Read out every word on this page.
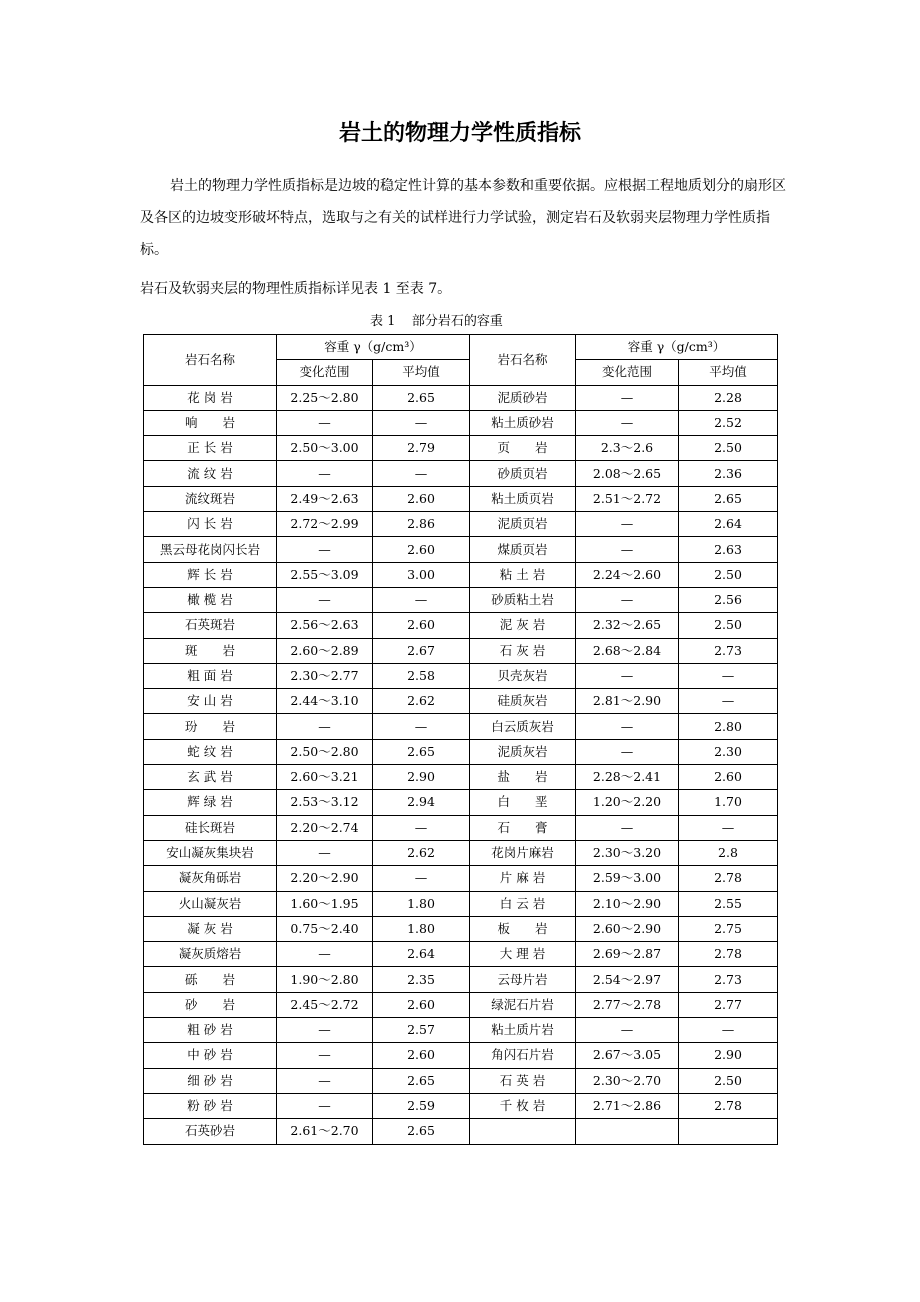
岩土的物理力学性质指标

岩土的物理力学性质指标是边坡的稳定性计算的基本参数和重要依据。应根据工程地质划分的扇形区及各区的边坡变形破坏特点，选取与之有关的试样进行力学试验，测定岩石及软弱夹层物理力学性质指标。

岩石及软弱夹层的物理性质指标详见表 1 至表 7。

表 1    部分岩石的容重
岩石名称	容重 γ（g/cm³）		岩石名称	容重 γ（g/cm³）	
	变化范围	平均值		变化范围	平均值
花 岗 岩	2.25～2.80	2.65	泥质砂岩	—	2.28
响　　岩	—	—	粘土质砂岩	—	2.52
正 长 岩	2.50～3.00	2.79	页　　岩	2.3～2.6	2.50
流 纹 岩	—	—	砂质页岩	2.08～2.65	2.36
流纹斑岩	2.49～2.63	2.60	粘土质页岩	2.51～2.72	2.65
闪 长 岩	2.72～2.99	2.86	泥质页岩	—	2.64
黑云母花岗闪长岩	—	2.60	煤质页岩	—	2.63
辉 长 岩	2.55～3.09	3.00	粘 土 岩	2.24～2.60	2.50
橄 榄 岩	—	—	砂质粘土岩	—	2.56
石英斑岩	2.56～2.63	2.60	泥 灰 岩	2.32～2.65	2.50
斑　　岩	2.60～2.89	2.67	石 灰 岩	2.68～2.84	2.73
粗 面 岩	2.30～2.77	2.58	贝壳灰岩	—	—
安 山 岩	2.44～3.10	2.62	硅质灰岩	2.81～2.90	—
玢　　岩	—	—	白云质灰岩	—	2.80
蛇 纹 岩	2.50～2.80	2.65	泥质灰岩	—	2.30
玄 武 岩	2.60～3.21	2.90	盐　　岩	2.28～2.41	2.60
辉 绿 岩	2.53～3.12	2.94	白　　垩	1.20～2.20	1.70
硅长斑岩	2.20～2.74	—	石　　膏	—	—
安山凝灰集块岩	—	2.62	花岗片麻岩	2.30～3.20	2.8
凝灰角砾岩	2.20～2.90	—	片 麻 岩	2.59～3.00	2.78
火山凝灰岩	1.60～1.95	1.80	白 云 岩	2.10～2.90	2.55
凝 灰 岩	0.75～2.40	1.80	板　　岩	2.60～2.90	2.75
凝灰质熔岩	—	2.64	大 理 岩	2.69～2.87	2.78
砾　　岩	1.90～2.80	2.35	云母片岩	2.54～2.97	2.73
砂　　岩	2.45～2.72	2.60	绿泥石片岩	2.77～2.78	2.77
粗 砂 岩	—	2.57	粘土质片岩	—	—
中 砂 岩	—	2.60	角闪石片岩	2.67～3.05	2.90
细 砂 岩	—	2.65	石 英 岩	2.30～2.70	2.50
粉 砂 岩	—	2.59	千 枚 岩	2.71～2.86	2.78
石英砂岩	2.61～2.70	2.65			
